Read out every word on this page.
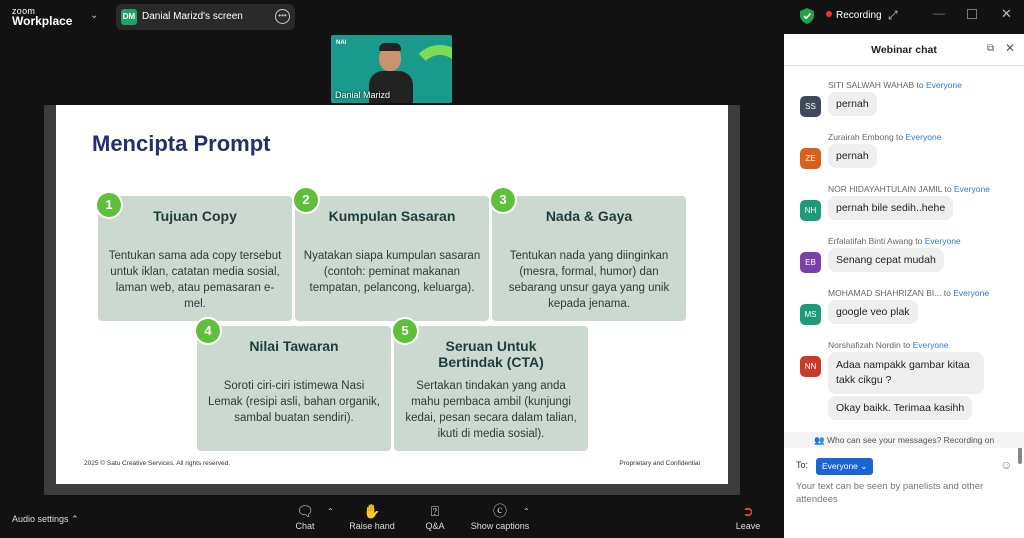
zoom
Workplace ⌄	DM Danial Marizd's screen	•••	Recording ⤢	—	✕
NAI
Danial Marizd
Mencipta Prompt
Tujuan Copy
Tentukan sama ada copy tersebut untuk iklan, catatan media sosial, laman web, atau pemasaran e-mel.
1
Kumpulan Sasaran
Nyatakan siapa kumpulan sasaran (contoh: peminat makanan tempatan, pelancong, keluarga).
2
Nada & Gaya
Tentukan nada yang diinginkan (mesra, formal, humor) dan sebarang unsur gaya yang unik kepada jenama.
3
Nilai Tawaran
Soroti ciri-ciri istimewa Nasi Lemak (resipi asli, bahan organik, sambal buatan sendiri).
4
Seruan Untuk Bertindak (CTA)
Sertakan tindakan yang anda mahu pembaca ambil (kunjungi kedai, pesan secara dalam talian, ikuti di media sosial).
5
2025 © Satu Creative Services. All rights reserved.	Proprietary and Confidential
Audio settings ⌃	🗨
Chat
⌃	✋
Raise hand
⍰
Q&A
ⓒ
Show captions
⌃	➲
Leave
Webinar chat	⧉ ✕
SITI SALWAH WAHAB to Everyone
SS	pernah
Zurairah Embong to Everyone
ZE	pernah
NOR HIDAYAHTULAIN JAMIL to Everyone
NH	pernah bile sedih..hehe
Erfalatifah Binti Awang to Everyone
EB	Senang cepat mudah
MOHAMAD SHAHRIZAN BI... to Everyone
MS	google veo plak
Norshafizah Nordin to Everyone
NN	Adaa nampakk gambar kitaa takk cikgu ?
Okay baikk. Terimaa kasihh
👥 Who can see your messages? Recording on
To:	Everyone ⌄	☺
Your text can be seen by panelists and other attendees
